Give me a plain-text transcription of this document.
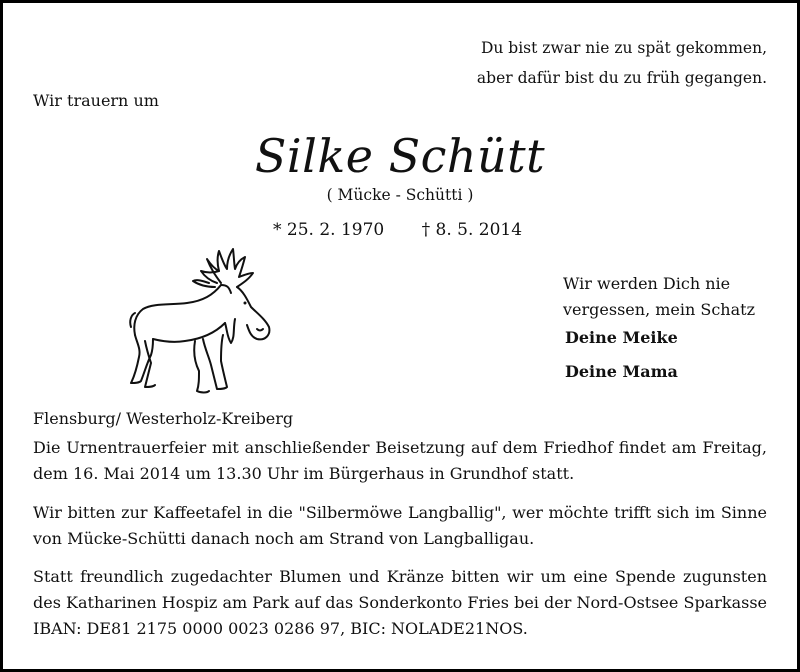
Du bist zwar nie zu spät gekommen,
aber dafür bist du zu früh gegangen.
Wir trauern um
Silke Schütt
( Mücke - Schütti )
* 25. 2. 1970 † 8. 5. 2014
Wir werden Dich nie
vergessen, mein Schatz
Deine Meike
Deine Mama
Flensburg/ Westerholz-Kreiberg
Die Urnentrauerfeier mit anschließender Beisetzung auf dem Friedhof findet am Freitag, dem 16. Mai 2014 um 13.30 Uhr im Bürgerhaus in Grundhof statt.
Wir bitten zur Kaffeetafel in die "Silbermöwe Langballig", wer möchte trifft sich im Sinne von Mücke-Schütti danach noch am Strand von Langballigau.
Statt freundlich zugedachter Blumen und Kränze bitten wir um eine Spende zugunsten des Katharinen Hospiz am Park auf das Sonderkonto Fries bei der Nord-Ostsee Sparkasse IBAN: DE81 2175 0000 0023 0286 97, BIC: NOLADE21NOS.
